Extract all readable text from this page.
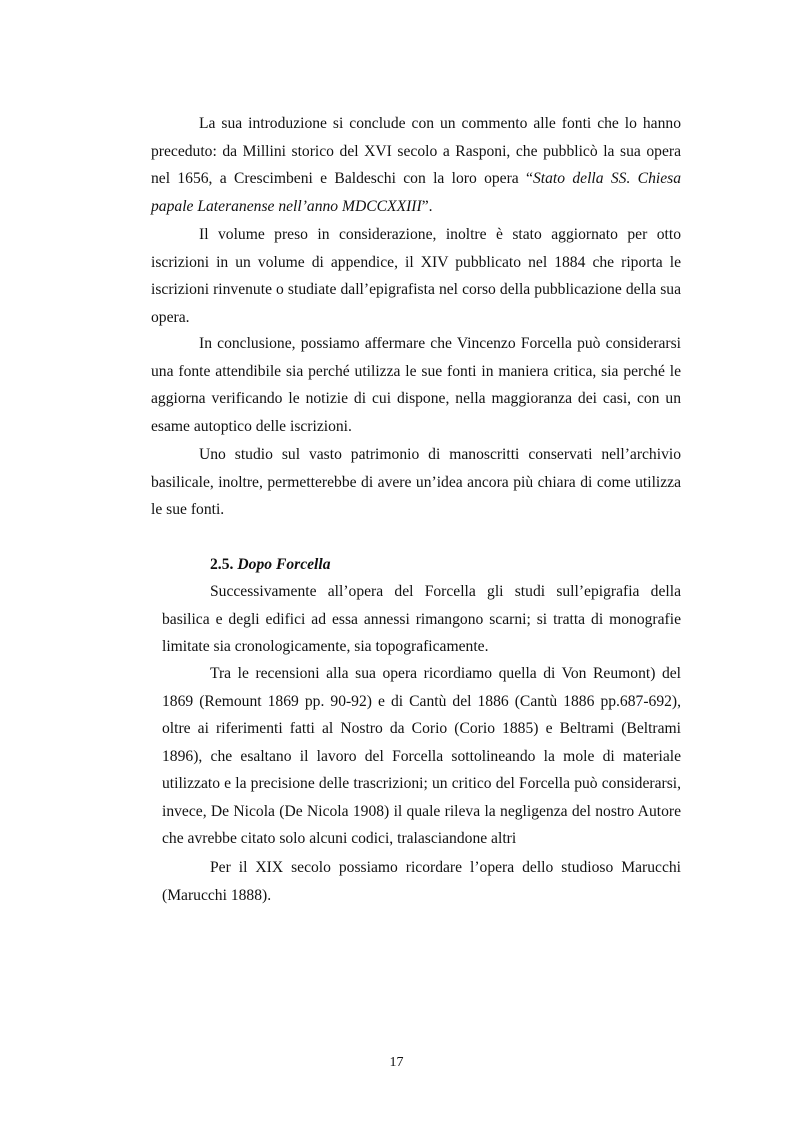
La sua introduzione si conclude con un commento alle fonti che lo hanno preceduto: da Millini storico del XVI secolo a Rasponi, che pubblicò la sua opera nel 1656, a Crescimbeni e Baldeschi con la loro opera “Stato della SS. Chiesa papale Lateranense nell’anno MDCCXXIII”.

Il volume preso in considerazione, inoltre è stato aggiornato per otto iscrizioni in un volume di appendice, il XIV pubblicato nel 1884 che riporta le iscrizioni rinvenute o studiate dall’epigrafista nel corso della pubblicazione della sua opera.

In conclusione, possiamo affermare che Vincenzo Forcella può considerarsi una fonte attendibile sia perché utilizza le sue fonti in maniera critica, sia perché le aggiorna verificando le notizie di cui dispone, nella maggioranza dei casi, con un esame autoptico delle iscrizioni.

Uno studio sul vasto patrimonio di manoscritti conservati nell’archivio basilicale, inoltre, permetterebbe di avere un’idea ancora più chiara di come utilizza le sue fonti.

2.5. Dopo Forcella

Successivamente all’opera del Forcella gli studi sull’epigrafia della basilica e degli edifici ad essa annessi rimangono scarni; si tratta di monografie limitate sia cronologicamente, sia topograficamente.

Tra le recensioni alla sua opera ricordiamo quella di Von Reumont) del 1869 (Remount 1869 pp. 90-92) e di Cantù del 1886 (Cantù 1886 pp.687-692), oltre ai riferimenti fatti al Nostro da Corio (Corio 1885) e Beltrami (Beltrami 1896), che esaltano il lavoro del Forcella sottolineando la mole di materiale utilizzato e la precisione delle trascrizioni; un critico del Forcella può considerarsi, invece, De Nicola (De Nicola 1908) il quale rileva la negligenza del nostro Autore che avrebbe citato solo alcuni codici, tralasciandone altri

Per il XIX secolo possiamo ricordare l’opera dello studioso Marucchi (Marucchi 1888).

17
